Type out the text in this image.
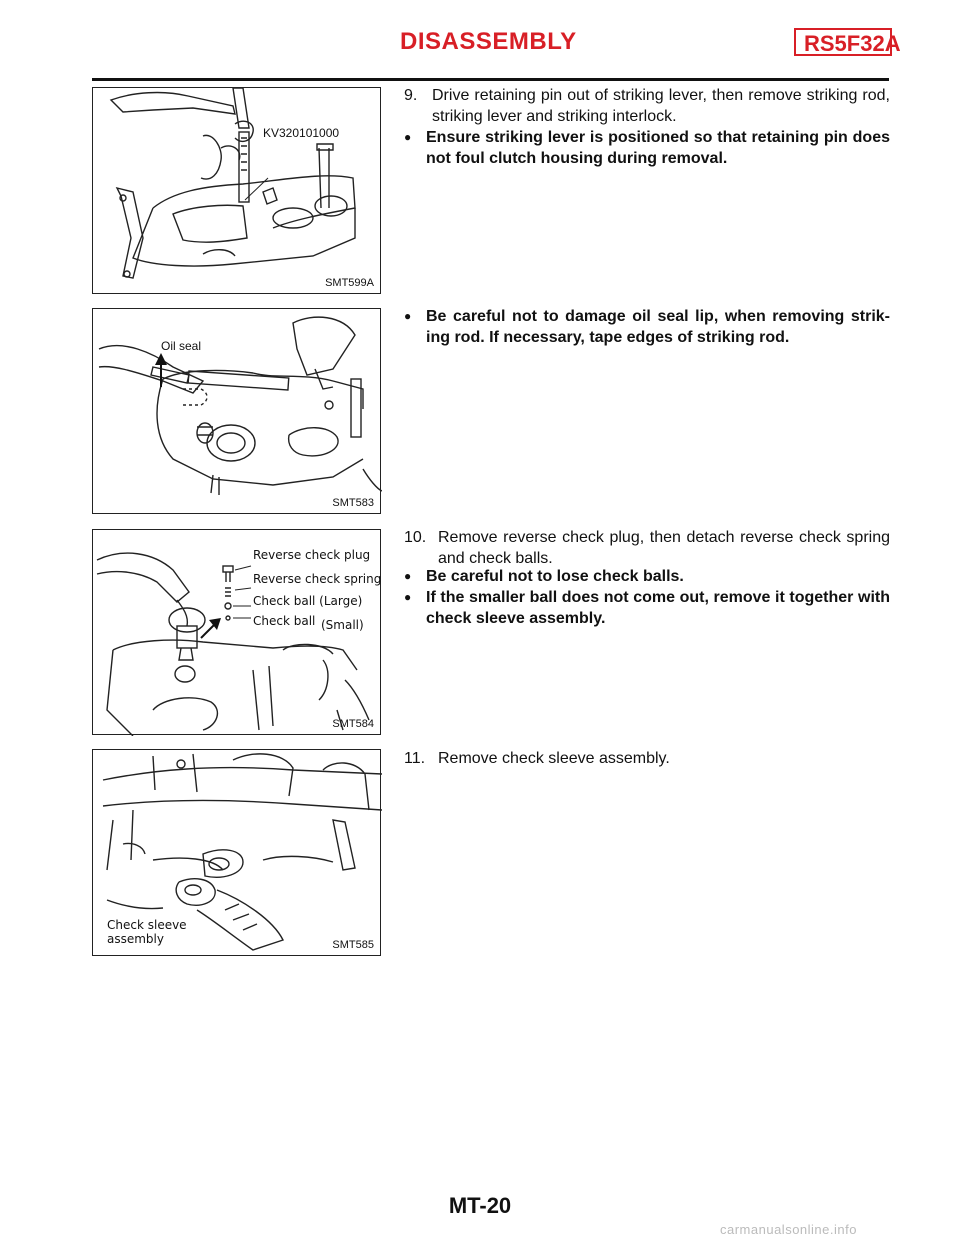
DISASSEMBLY	RS5F32A
KV320101000
SMT599A
Oil seal
SMT583
Reverse check plug
Reverse check spring
Check ball (Large)
Check ball (Small)
SMT584
Check sleeve
assembly	SMT585
9. Drive retaining pin out of striking lever, then remove striking rod, striking lever and striking interlock.
● Ensure striking lever is positioned so that retaining pin does not foul clutch housing during removal.
● Be careful not to damage oil seal lip, when removing strik-ing rod. If necessary, tape edges of striking rod.
10. Remove reverse check plug, then detach reverse check spring and check balls.
● Be careful not to lose check balls.
● If the smaller ball does not come out, remove it together with check sleeve assembly.
11. Remove check sleeve assembly.
MT-20
carmanualsonline.info
